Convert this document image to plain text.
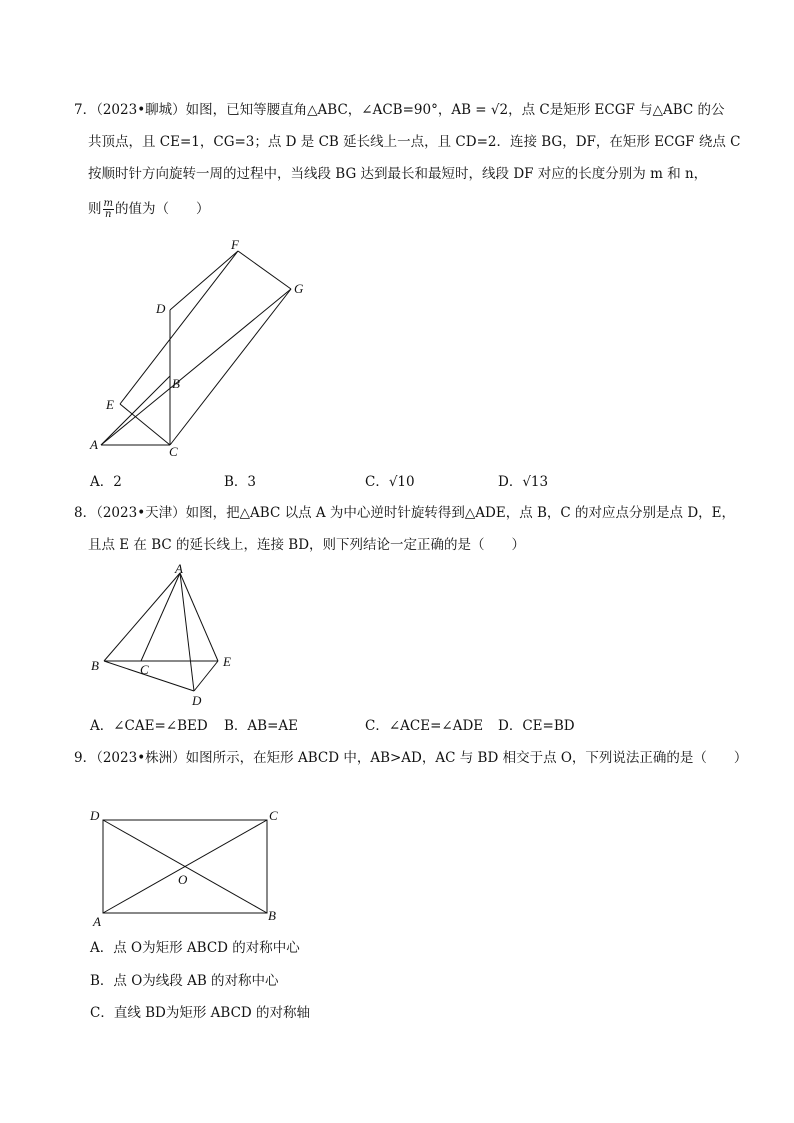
7．（2023•聊城）如图，已知等腰直角△ABC，∠ACB=90°，AB = √2，点 C是矩形 ECGF 与△ABC 的公
共顶点，且 CE=1，CG=3；点 D 是 CB 延长线上一点，且 CD=2．连接 BG，DF，在矩形 ECGF 绕点 C
按顺时针方向旋转一周的过程中，当线段 BG 达到最长和最短时，线段 DF 对应的长度分别为 m 和 n，
则 $\frac{m}{n}$ 的值为（　　）
F
G
D
B
E
A	C
A．2	B．3	C．√10	D．√13
8．（2023•天津）如图，把△ABC 以点 A 为中心逆时针旋转得到△ADE，点 B，C 的对应点分别是点 D，E，
且点 E 在 BC 的延长线上，连接 BD，则下列结论一定正确的是（　　）
A
B	C
E
D
A．∠CAE=∠BED B．AB=AE	C．∠ACE=∠ADE D．CE=BD
9．（2023•株洲）如图所示，在矩形 ABCD 中，AB>AD，AC 与 BD 相交于点 O，下列说法正确的是（　　）
D	C
O
A	B
A．点 O为矩形 ABCD 的对称中心
B．点 O为线段 AB 的对称中心
C．直线 BD为矩形 ABCD 的对称轴
